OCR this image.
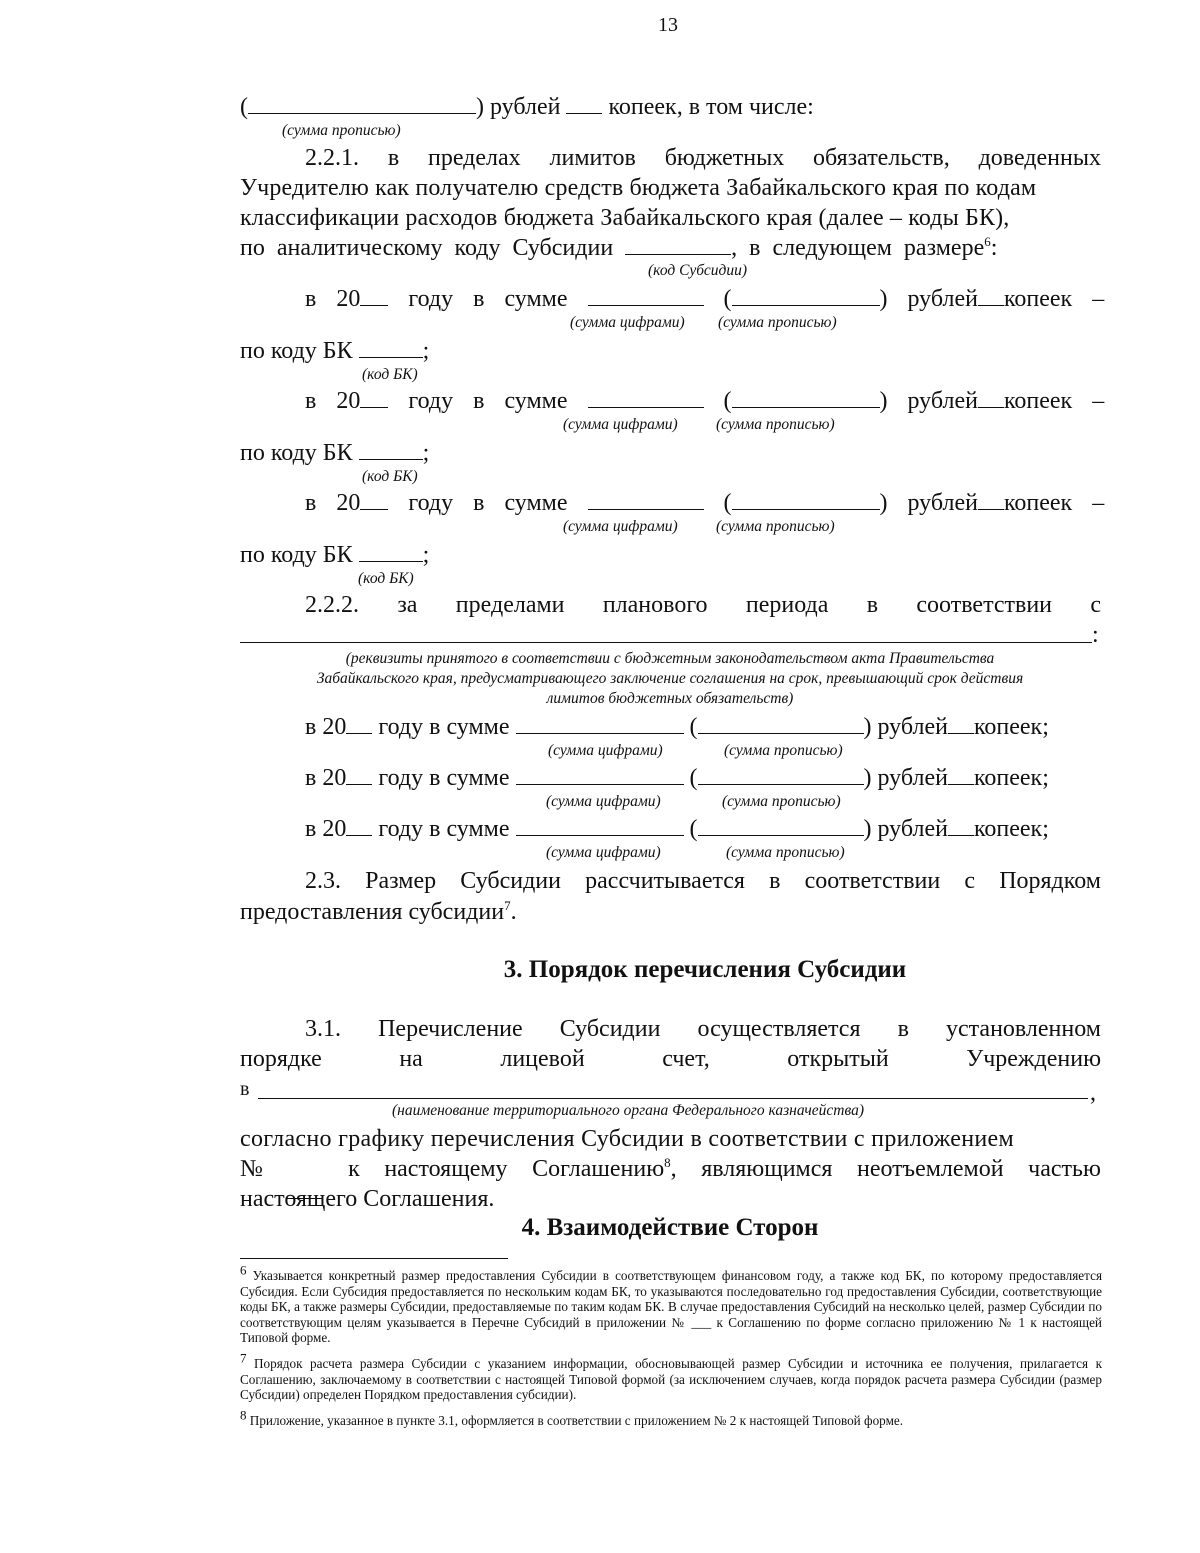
13
(	) рублей копеек, в том числе:
(сумма прописью)
2.2.1. в пределах лимитов бюджетных обязательств, доведенных
Учредителю как получателю средств бюджета Забайкальского края по кодам
классификации расходов бюджета Забайкальского края (далее – коды БК),
по аналитическому коду Субсидии	, в следующем размере$^6$:
(код Субсидии)
в 20 году в сумме	(	) рублей копеек –
(сумма цифрами) (сумма прописью)
по коду БК	;
(код БК)
в 20 году в сумме	(	) рублей копеек –
(сумма цифрами) (сумма прописью)
по коду БК	;
(код БК)
в 20 году в сумме	(	) рублей копеек –
(сумма цифрами) (сумма прописью)
по коду БК	;
(код БК)
2.2.2. за пределами планового периода в соответствии с
:
(реквизиты принятого в соответствии с бюджетным законодательством акта Правительства
Забайкальского края, предусматривающего заключение соглашения на срок, превышающий срок действия
лимитов бюджетных обязательств)
в 20 году в сумме	(	) рублей копеек;
(сумма цифрами)	(сумма прописью)
в 20 году в сумме	(	) рублей копеек;
(сумма цифрами)	(сумма прописью)
в 20 году в сумме	(	) рублей копеек;
(сумма цифрами)	(сумма прописью)
2.3. Размер Субсидии рассчитывается в соответствии с Порядком
предоставления субсидии$^7$.
3. Порядок перечисления Субсидии
3.1. Перечисление Субсидии осуществляется в установленном
порядке	на	лицевой	счет,	открытый	Учреждению
в	,
(наименование территориального органа Федерального казначейства)
согласно графику перечисления Субсидии в соответствии с приложением
№	к настоящему Соглашению$^8$, являющимся неотъемлемой частью
настоящего Соглашения.
4. Взаимодействие Сторон
$^6$ Указывается конкретный размер предоставления Субсидии в соответствующем финансовом году, а также код БК, по которому предоставляется Субсидия. Если Субсидия предоставляется по нескольким кодам БК, то указываются последовательно год предоставления Субсидии, соответствующие коды БК, а также размеры Субсидии, предоставляемые по таким кодам БК. В случае предоставления Субсидий на несколько целей, размер Субсидии по соответствующим целям указывается в Перечне Субсидий в приложении № ___ к Соглашению по форме согласно приложению № 1 к настоящей Типовой форме.
$^7$ Порядок расчета размера Субсидии с указанием информации, обосновывающей размер Субсидии и источника ее получения, прилагается к Соглашению, заключаемому в соответствии с настоящей Типовой формой (за исключением случаев, когда порядок расчета размера Субсидии (размер Субсидии) определен Порядком предоставления субсидии).
$^8$ Приложение, указанное в пункте 3.1, оформляется в соответствии с приложением № 2 к настоящей Типовой форме.
